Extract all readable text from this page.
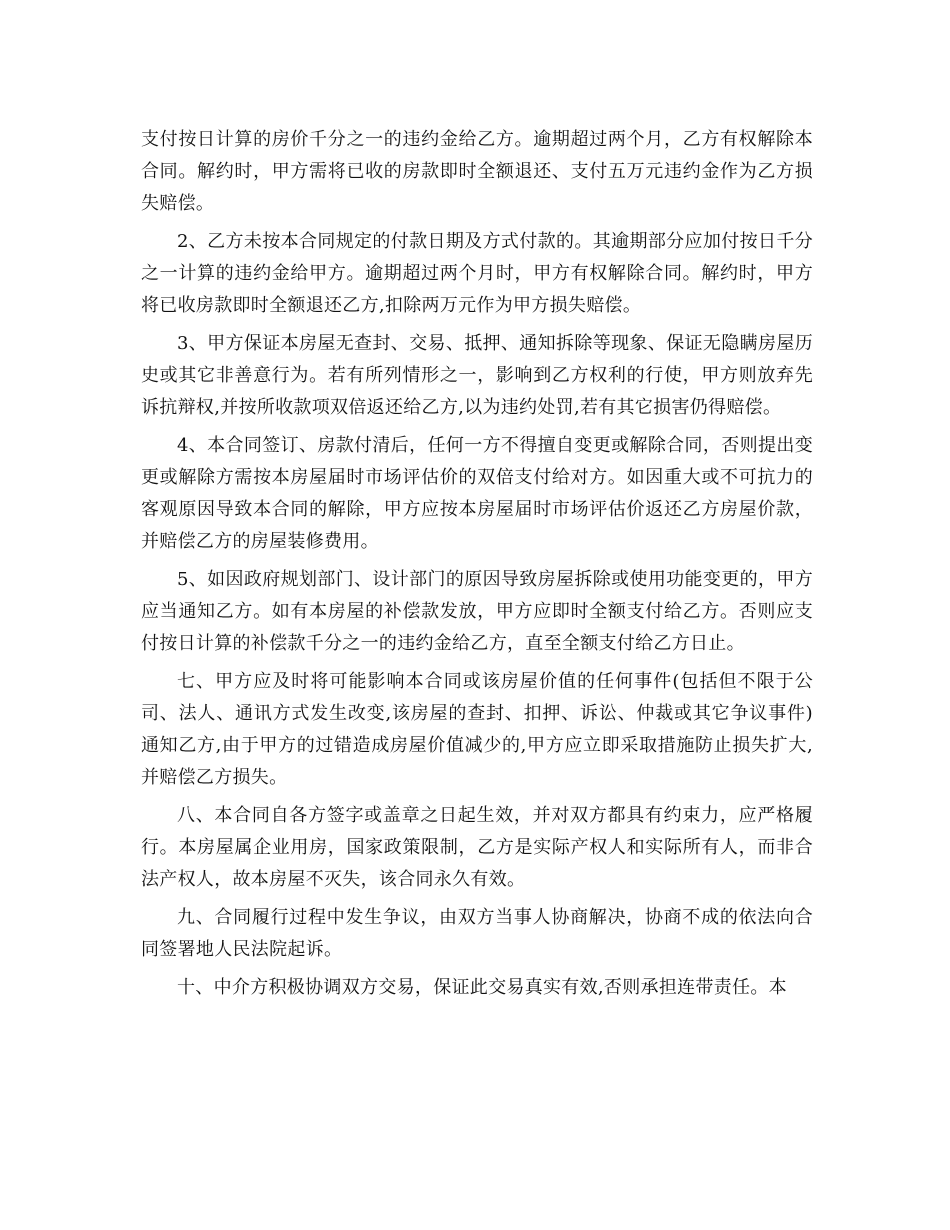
支付按日计算的房价千分之一的违约金给乙方。逾期超过两个月，乙方有权解除本合同。解约时，甲方需将已收的房款即时全额退还、支付五万元违约金作为乙方损失赔偿。

2、乙方未按本合同规定的付款日期及方式付款的。其逾期部分应加付按日千分之一计算的违约金给甲方。逾期超过两个月时，甲方有权解除合同。解约时，甲方将已收房款即时全额退还乙方,扣除两万元作为甲方损失赔偿。

3、甲方保证本房屋无查封、交易、抵押、通知拆除等现象、保证无隐瞒房屋历史或其它非善意行为。若有所列情形之一，影响到乙方权利的行使，甲方则放弃先诉抗辩权,并按所收款项双倍返还给乙方,以为违约处罚,若有其它损害仍得赔偿。

4、本合同签订、房款付清后，任何一方不得擅自变更或解除合同，否则提出变更或解除方需按本房屋届时市场评估价的双倍支付给对方。如因重大或不可抗力的客观原因导致本合同的解除，甲方应按本房屋届时市场评估价返还乙方房屋价款，并赔偿乙方的房屋装修费用。

5、如因政府规划部门、设计部门的原因导致房屋拆除或使用功能变更的，甲方应当通知乙方。如有本房屋的补偿款发放，甲方应即时全额支付给乙方。否则应支付按日计算的补偿款千分之一的违约金给乙方，直至全额支付给乙方日止。

七、甲方应及时将可能影响本合同或该房屋价值的任何事件(包括但不限于公司、法人、通讯方式发生改变,该房屋的查封、扣押、诉讼、仲裁或其它争议事件)通知乙方,由于甲方的过错造成房屋价值减少的,甲方应立即采取措施防止损失扩大,并赔偿乙方损失。

八、本合同自各方签字或盖章之日起生效，并对双方都具有约束力，应严格履行。本房屋属企业用房，国家政策限制，乙方是实际产权人和实际所有人，而非合法产权人，故本房屋不灭失，该合同永久有效。

九、合同履行过程中发生争议，由双方当事人协商解决，协商不成的依法向合同签署地人民法院起诉。

十、中介方积极协调双方交易，保证此交易真实有效,否则承担连带责任。本
